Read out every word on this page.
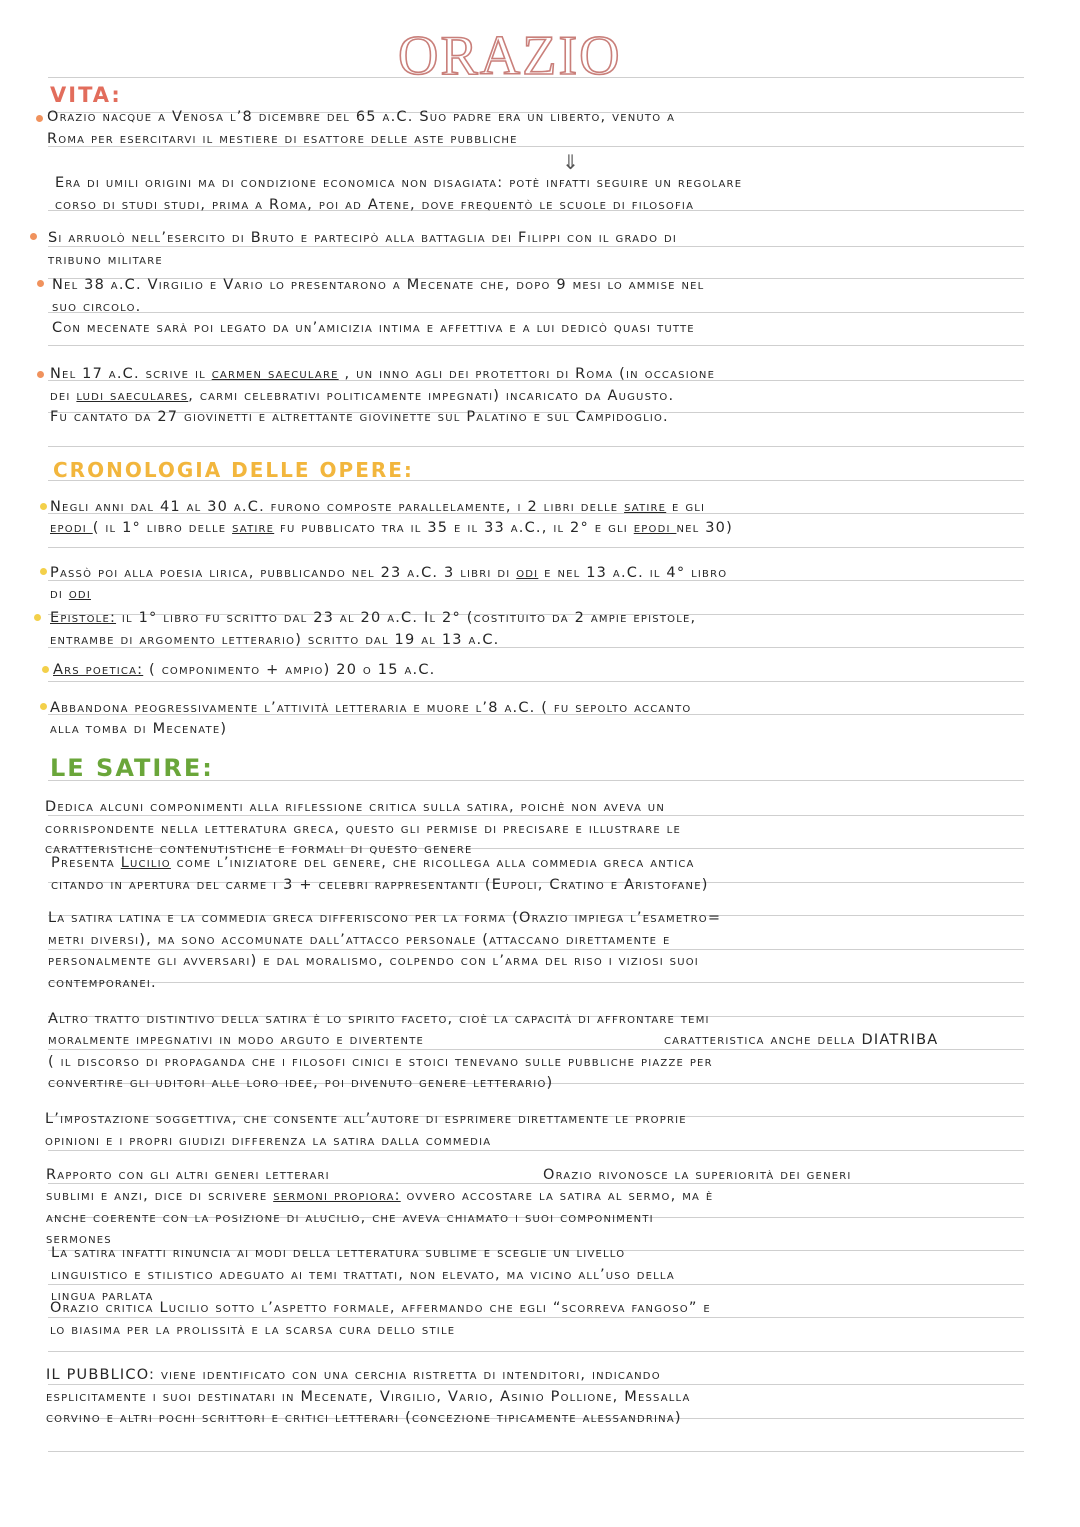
ORAZIO
VITA:
Orazio nacque a Venosa l’8 dicembre del 65 a.C. Suo padre era un liberto, venuto a
Roma per esercitarvi il mestiere di esattore delle aste pubbliche
⇓
Era di umili origini ma di condizione economica non disagiata: potè infatti seguire un regolare
corso di studi studi, prima a Roma, poi ad Atene, dove frequentò le scuole di filosofia
Si arruolò nell’esercito di Bruto e partecipò alla battaglia dei Filippi con il grado di
tribuno militare
Nel 38 a.C. Virgilio e Vario lo presentarono a Mecenate che, dopo 9 mesi lo ammise nel
suo circolo.
Con mecenate sarà poi legato da un’amicizia intima e affettiva e a lui dedicò quasi tutte
Nel 17 a.C. scrive il carmen saeculare , un inno agli dei protettori di Roma (in occasione
dei ludi saeculares, carmi celebrativi politicamente impegnati) incaricato da Augusto.
Fu cantato da 27 giovinetti e altrettante giovinette sul Palatino e sul Campidoglio.
CRONOLOGIA DELLE OPERE:
Negli anni dal 41 al 30 a.C. furono composte parallelamente, i 2 libri delle satire e gli
epodi ( il 1° libro delle satire fu pubblicato tra il 35 e il 33 a.C., il 2° e gli epodi nel 30)
Passò poi alla poesia lirica, pubblicando nel 23 a.C. 3 libri di odi e nel 13 a.C. il 4° libro
di odi
Epistole: il 1° libro fu scritto dal 23 al 20 a.C. Il 2° (costituito da 2 ampie epistole,
entrambe di argomento letterario) scritto dal 19 al 13 a.C.
Ars poetica: ( componimento + ampio) 20 o 15 a.C.
Abbandona peogressivamente l’attività letteraria e muore l’8 a.C. ( fu sepolto accanto
alla tomba di Mecenate)
LE SATIRE:
Dedica alcuni componimenti alla riflessione critica sulla satira, poichè non aveva un
corrispondente nella letteratura greca, questo gli permise di precisare e illustrare le
caratteristiche contenutistiche e formali di questo genere
Presenta Lucilio come l’iniziatore del genere, che ricollega alla commedia greca antica
citando in apertura del carme i 3 + celebri rappresentanti (Eupoli, Cratino e Aristofane)
La satira latina e la commedia greca differiscono per la forma (Orazio impiega l’esametro=
metri diversi), ma sono accomunate dall’attacco personale (attaccano direttamente e
personalmente gli avversari) e dal moralismo, colpendo con l’arma del riso i viziosi suoi
contemporanei.
Altro tratto distintivo della satira è lo spirito faceto, cioè la capacità di affrontare temi
moralmente impegnativi in modo arguto e divertente	caratteristica anche della DIATRIBA
( il discorso di propaganda che i filosofi cinici e stoici tenevano sulle pubbliche piazze per
convertire gli uditori alle loro idee, poi divenuto genere letterario)
L’impostazione soggettiva, che consente all’autore di esprimere direttamente le proprie
opinioni e i propri giudizi differenza la satira dalla commedia
Rapporto con gli altri generi letterari	Orazio rivonosce la superiorità dei generi
sublimi e anzi, dice di scrivere sermoni propiora: ovvero accostare la satira al sermo, ma è
anche coerente con la posizione di alucilio, che aveva chiamato i suoi componimenti
sermones
La satira infatti rinuncia ai modi della letteratura sublime e sceglie un livello
linguistico e stilistico adeguato ai temi trattati, non elevato, ma vicino all’uso della
lingua parlata
Orazio critica Lucilio sotto l’aspetto formale, affermando che egli “scorreva fangoso” e
lo biasima per la prolissità e la scarsa cura dello stile
IL PUBBLICO: viene identificato con una cerchia ristretta di intenditori, indicando
esplicitamente i suoi destinatari in Mecenate, Virgilio, Vario, Asinio Pollione, Messalla
corvino e altri pochi scrittori e critici letterari (concezione tipicamente alessandrina)
